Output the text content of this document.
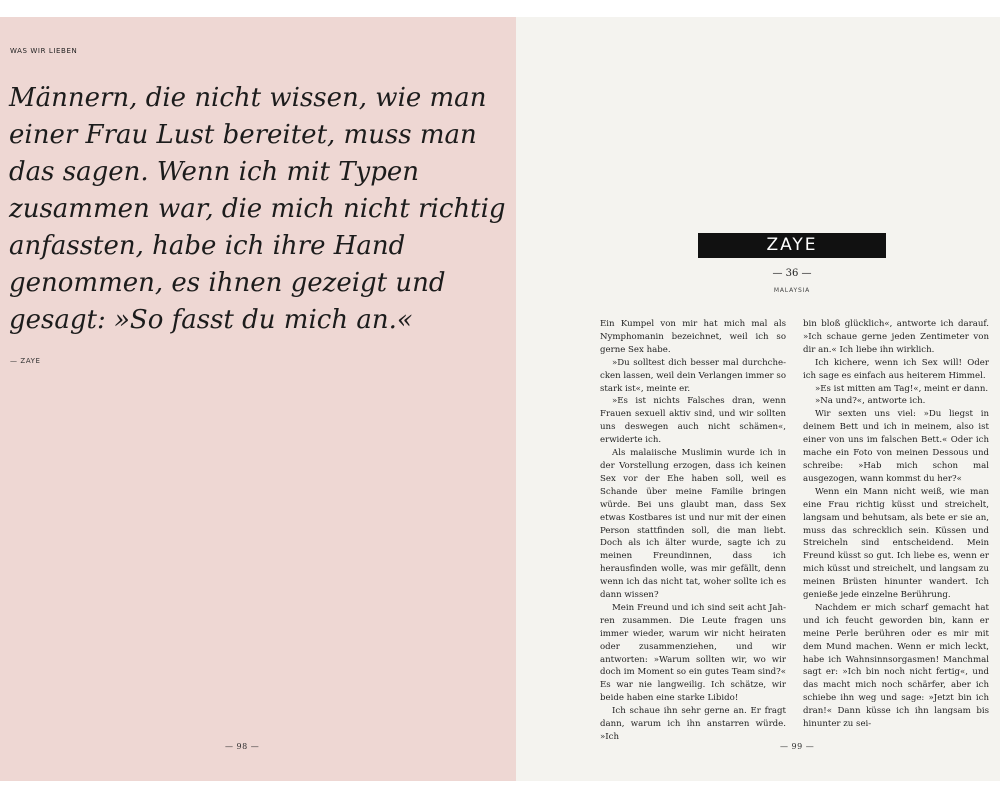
WAS WIR LIEBEN

Männern, die nicht wissen, wie man einer Frau Lust bereitet, muss man das sagen. Wenn ich mit Typen zusammen war, die mich nicht richtig anfassten, habe ich ihre Hand genommen, es ihnen gezeigt und gesagt: »So fasst du mich an.«

— ZAYE
— 98 —
ZAYE
— 36 —
MALAYSIA

Ein Kumpel von mir hat mich mal als Nymphomanin bezeichnet, weil ich so gerne Sex habe.

»Du solltest dich besser mal durchchecken lassen, weil dein Verlangen immer so stark ist«, meinte er.

»Es ist nichts Falsches dran, wenn Frauen sexuell aktiv sind, und wir sollten uns deswegen auch nicht schämen«, erwiderte ich.

Als malaiische Muslimin wurde ich in der Vorstellung erzogen, dass ich keinen Sex vor der Ehe haben soll, weil es Schande über meine Familie bringen würde. Bei uns glaubt man, dass Sex etwas Kostbares ist und nur mit der einen Person stattfinden soll, die man liebt. Doch als ich älter wurde, sagte ich zu meinen Freundinnen, dass ich herausfinden wolle, was mir gefällt, denn wenn ich das nicht tat, woher sollte ich es dann wissen?

Mein Freund und ich sind seit acht Jahren zusammen. Die Leute fragen uns immer wieder, warum wir nicht heiraten oder zusammenziehen, und wir antworten: »Warum sollten wir, wo wir doch im Moment so ein gutes Team sind?« Es war nie langweilig. Ich schätze, wir beide haben eine starke Libido!

Ich schaue ihn sehr gerne an. Er fragt dann, warum ich ihn anstarren würde. »Ich

bin bloß glücklich«, antworte ich darauf. »Ich schaue gerne jeden Zentimeter von dir an.« Ich liebe ihn wirklich.

Ich kichere, wenn ich Sex will! Oder ich sage es einfach aus heiterem Himmel.

»Es ist mitten am Tag!«, meint er dann.

»Na und?«, antworte ich.

Wir sexten uns viel: »Du liegst in deinem Bett und ich in meinem, also ist einer von uns im falschen Bett.« Oder ich mache ein Foto von meinen Dessous und schreibe: »Hab mich schon mal ausgezogen, wann kommst du her?«

Wenn ein Mann nicht weiß, wie man eine Frau richtig küsst und streichelt, langsam und behutsam, als bete er sie an, muss das schrecklich sein. Küssen und Streicheln sind entscheidend. Mein Freund küsst so gut. Ich liebe es, wenn er mich küsst und streichelt, und langsam zu meinen Brüsten hinunter wandert. Ich genieße jede einzelne Berührung.

Nachdem er mich scharf gemacht hat und ich feucht geworden bin, kann er meine Perle berühren oder es mir mit dem Mund machen. Wenn er mich leckt, habe ich Wahnsinnsorgasmen! Manchmal sagt er: »Ich bin noch nicht fertig«, und das macht mich noch schärfer, aber ich schiebe ihn weg und sage: »Jetzt bin ich dran!« Dann küsse ich ihn langsam bis hinunter zu sei-

— 99 —
